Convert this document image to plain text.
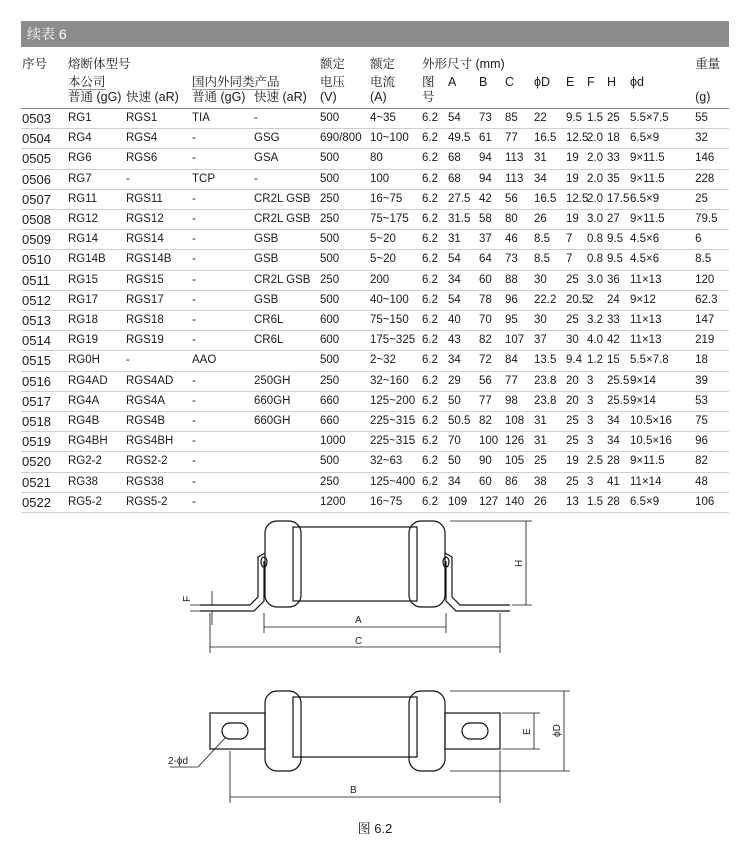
续表 6
序号	熔断体型号				额定	额定	外形尺寸 (mm)									重量
	本公司		国内外同类产品		电压	电流	图	A	B	C	ϕD	E	F	H	ϕd	
	普通 (gG)	快速 (aR)	普通 (gG)	快速 (aR)	(V)	(A)	号									(g)
0503	RG1	RGS1	TIA	-	500	4~35	6.2	54	73	85	22	9.5	1.5	25	5.5×7.5	55
0504	RG4	RGS4	-	GSG	690/800	10~100	6.2	49.5	61	77	16.5	12.5	2.0	18	6.5×9	32
0505	RG6	RGS6	-	GSA	500	80	6.2	68	94	113	31	19	2.0	33	9×11.5	146
0506	RG7	-	TCP	-	500	100	6.2	68	94	113	34	19	2.0	35	9×11.5	228
0507	RG11	RGS11	-	CR2L GSB	250	16~75	6.2	27.5	42	56	16.5	12.5	2.0	17.5	6.5×9	25
0508	RG12	RGS12	-	CR2L GSB	250	75~175	6.2	31.5	58	80	26	19	3.0	27	9×11.5	79.5
0509	RG14	RGS14	-	GSB	500	5~20	6.2	31	37	46	8.5	7	0.8	9.5	4.5×6	6
0510	RG14B	RGS14B	-	GSB	500	5~20	6.2	54	64	73	8.5	7	0.8	9.5	4.5×6	8.5
0511	RG15	RGS15	-	CR2L GSB	250	200	6.2	34	60	88	30	25	3.0	36	11×13	120
0512	RG17	RGS17	-	GSB	500	40~100	6.2	54	78	96	22.2	20.5	2	24	9×12	62.3
0513	RG18	RGS18	-	CR6L	600	75~150	6.2	40	70	95	30	25	3.2	33	11×13	147
0514	RG19	RGS19	-	CR6L	600	175~325	6.2	43	82	107	37	30	4.0	42	11×13	219
0515	RG0H	-	AAO		500	2~32	6.2	34	72	84	13.5	9.4	1.2	15	5.5×7.8	18
0516	RG4AD	RGS4AD	-	250GH	250	32~160	6.2	29	56	77	23.8	20	3	25.5	9×14	39
0517	RG4A	RGS4A	-	660GH	660	125~200	6.2	50	77	98	23.8	20	3	25.5	9×14	53
0518	RG4B	RGS4B	-	660GH	660	225~315	6.2	50.5	82	108	31	25	3	34	10.5×16	75
0519	RG4BH	RGS4BH	-		1000	225~315	6.2	70	100	126	31	25	3	34	10.5×16	96
0520	RG2-2	RGS2-2	-		500	32~63	6.2	50	90	105	25	19	2.5	28	9×11.5	82
0521	RG38	RGS38	-		250	125~400	6.2	34	60	86	38	25	3	41	11×14	48
0522	RG5-2	RGS5-2	-		1200	16~75	6.2	109	127	140	26	13	1.5	28	6.5×9	106
A
C
H
F
E ϕD
2-ϕd
B
图 6.2
